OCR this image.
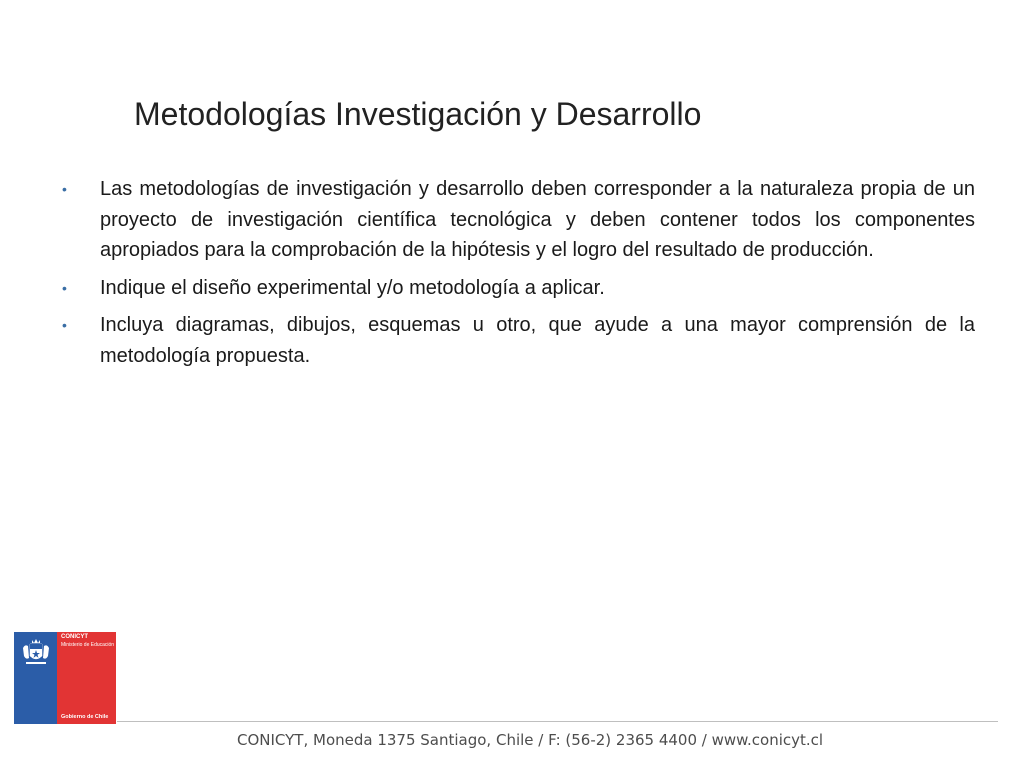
Metodologías Investigación y Desarrollo
• Las metodologías de investigación y desarrollo deben corresponder a la naturaleza propia de un proyecto de investigación científica tecnológica y deben contener todos los componentes apropiados para la comprobación de la hipótesis y el logro del resultado de producción.
• Indique el diseño experimental y/o metodología a aplicar.
• Incluya diagramas, dibujos, esquemas u otro, que ayude a una mayor comprensión de la metodología propuesta.
CONICYT
Ministerio de Educación
Gobierno de Chile
CONICYT, Moneda 1375 Santiago, Chile / F: (56-2) 2365 4400 / www.conicyt.cl
